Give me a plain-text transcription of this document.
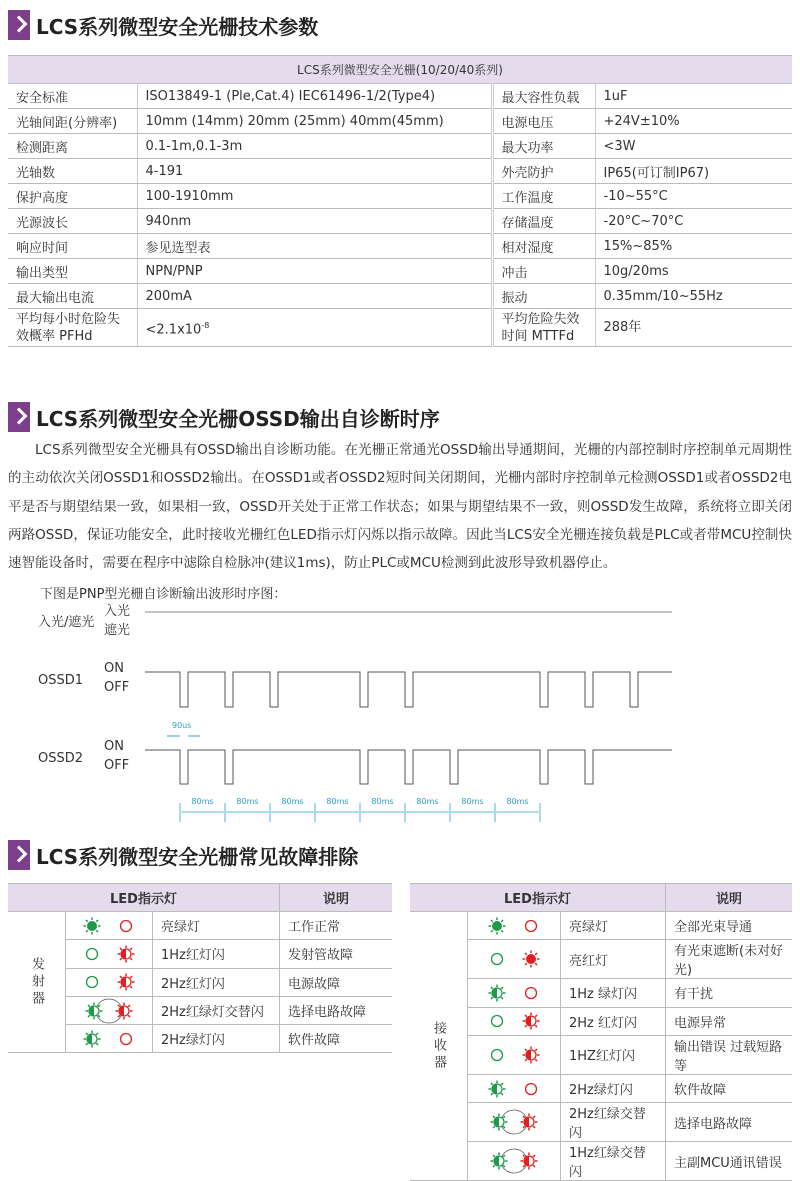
LCS系列微型安全光栅技术参数
LCS系列微型安全光栅(10/20/40系列)			
安全标准	ISO13849-1 (Ple,Cat.4) IEC61496-1/2(Type4)	最大容性负载	1uF
光轴间距(分辨率)	10mm (14mm) 20mm (25mm) 40mm(45mm)	电源电压	+24V±10%
检测距离	0.1-1m,0.1-3m	最大功率	<3W
光轴数	4-191	外壳防护	IP65(可订制IP67)
保护高度	100-1910mm	工作温度	-10~55°C
光源波长	940nm	存储温度	-20°C~70°C
响应时间	参见选型表	相对湿度	15%~85%
输出类型	NPN/PNP	冲击	10g/20ms
最大输出电流	200mA	振动	0.35mm/10~55Hz
平均每小时危险失效概率 PFHd	$<2.1x10^{-8}$	平均危险失效时间 MTTFd	288年
LCS系列微型安全光栅OSSD输出自诊断时序

LCS系列微型安全光栅具有OSSD输出自诊断功能。在光栅正常通光OSSD输出导通期间，光栅的内部控制时序控制单元周期性的主动依次关闭OSSD1和OSSD2输出。在OSSD1或者OSSD2短时间关闭期间，光栅内部时序控制单元检测OSSD1或者OSSD2电平是否与期望结果一致，如果相一致，OSSD开关处于正常工作状态；如果与期望结果不一致，则OSSD发生故障，系统将立即关闭两路OSSD，保证功能安全，此时接收光栅红色LED指示灯闪烁以指示故障。因此当LCS安全光栅连接负载是PLC或者带MCU控制快速智能设备时，需要在程序中滤除自检脉冲(建议1ms)，防止PLC或MCU检测到此波形导致机器停止。

下图是PNP型光栅自诊断输出波形时序图：
入光/遮光
入光
遮光
OSSD1
ON
OFF
OSSD2
ON
OFF
90us
80ms	80ms	80ms	80ms	80ms	80ms	80ms	80ms
LCS系列微型安全光栅常见故障排除
LED指示灯			说明
发射器		亮绿灯	工作正常
	1Hz红灯闪	发射管故障
	2Hz红灯闪	电源故障

	2Hz红绿灯交替闪	选择电路故障
	2Hz绿灯闪	软件故障
LED指示灯			说明
接收器		亮绿灯	全部光束导通
	亮红灯	有光束遮断(未对好光)
	1Hz 绿灯闪	有干扰
	2Hz 红灯闪	电源异常
	1HZ红灯闪	输出错误 过载短路等
	2Hz绿灯闪	软件故障

	2Hz红绿交替闪	选择电路故障

	1Hz红绿交替闪	主副MCU通讯错误
